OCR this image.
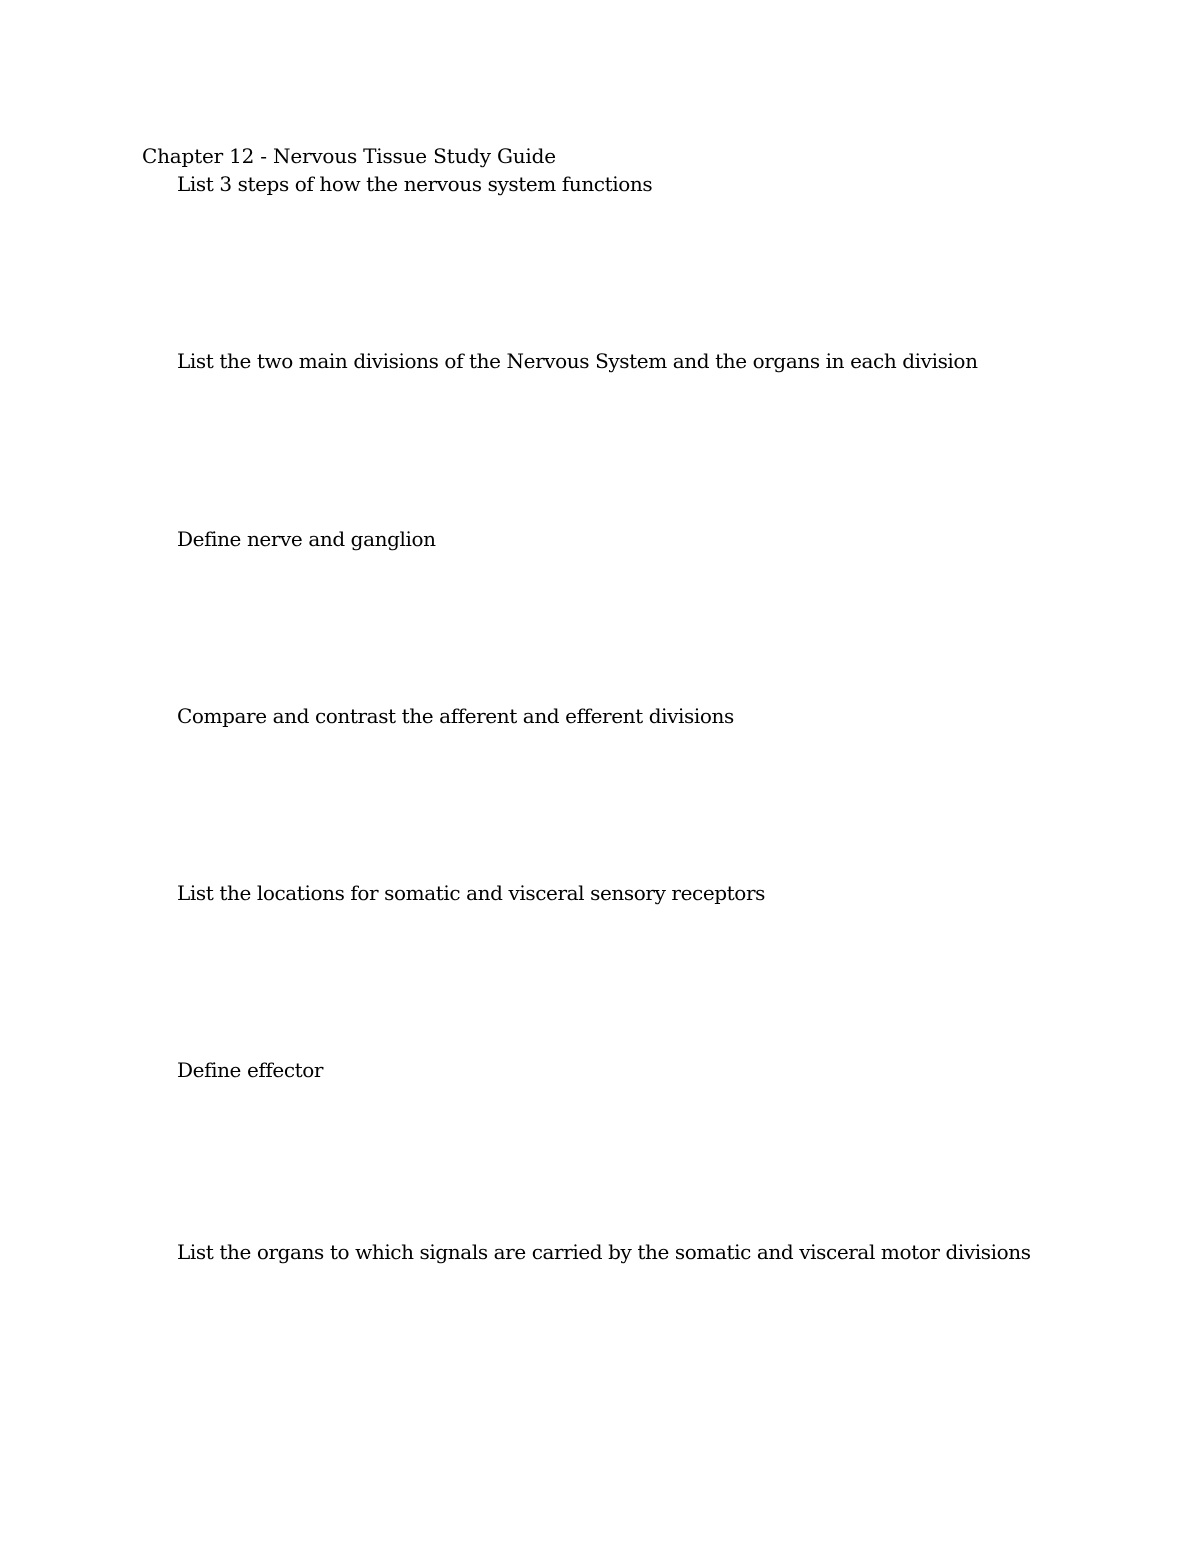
Chapter 12 - Nervous Tissue Study Guide
List 3 steps of how the nervous system functions
List the two main divisions of the Nervous System and the organs in each division
Define nerve and ganglion
Compare and contrast the afferent and efferent divisions
List the locations for somatic and visceral sensory receptors
Define effector
List the organs to which signals are carried by the somatic and visceral motor divisions
